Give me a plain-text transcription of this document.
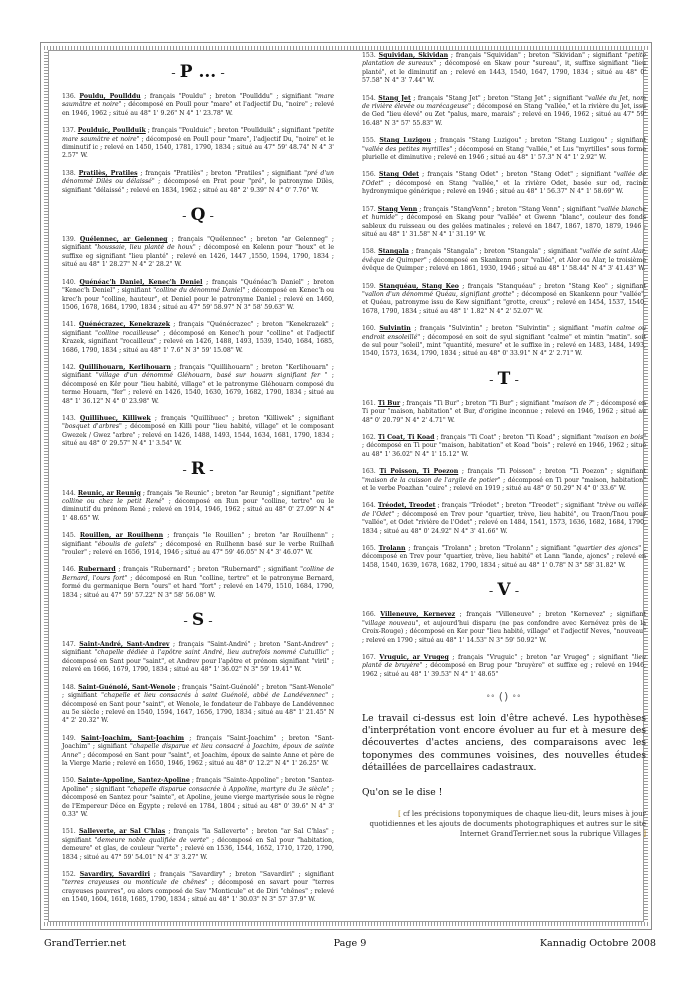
- P ... -

136. Pouldu, Poullddu ; français "Pouldu" ; breton "Poullddu" ; signifiant "mare saumâtre et noire" ; décomposé en Poull pour "mare" et l'adjectif Du, "noire" ; relevé en 1946, 1962 ; situé au 48° 1' 9.26" N 4° 1' 23.78" W.

137. Poulduic, Poullduik ; français "Poulduic" ; breton "Poullduik" ; signifiant "petite mare saumâtre et noire" ; décomposé en Poull pour "mare", l'adjectif Du, "noire" et le diminutif ic ; relevé en 1450, 1540, 1781, 1790, 1834 ; situé au 47° 59' 48.74" N 4° 3' 2.57" W.

138. Pratilès, Pratiles ; français "Pratilès" ; breton "Pratiles" ; signifiant "pré d'un dénommé Dilès ou délaissé" ; décomposé en Prat pour "pré", le patronyme Dilès, signifiant "délaissé" ; relevé en 1834, 1962 ; situé au 48° 2' 9.39" N 4° 0' 7.76" W.

- Q -

139. Quélennec, ar Gelenneg ; français "Quélennec" ; breton "ar Gelenneg" ; signifiant "houssaie, lieu planté de houx" ; décomposé en Kelenn pour "houx" et le suffixe eg signifiant "lieu planté" ; relevé en 1426, 1447 ,1550, 1594, 1790, 1834 ; situé au 48° 1' 28.27" N 4° 2' 28.2" W.

140. Quénéac'h Daniel, Kenec'h Deniel ; français "Quénéac'h Daniel" ; breton "Kenec'h Deniel" ; signifiant "colline du dénommé Daniel" ; décomposé en Kenec'h ou krec'h pour "colline, hauteur", et Deniel pour le patronyme Daniel ; relevé en 1460, 1506, 1678, 1684, 1790, 1834 ; situé au 47° 59' 58.97" N 3° 58' 59.63" W.

141. Quénécrazec, Kenekrazek ; français "Quénécrazec" ; breton "Kenekrazek" ; signifiant "colline rocailleuse" ; décomposé en Kenec'h pour "colline" et l'adjectif Krazek, signifiant "rocailleux" ; relevé en 1426, 1488, 1493, 1539, 1540, 1684, 1685, 1686, 1790, 1834 ; situé au 48° 1' 7.6" N 3° 59' 15.08" W.

142. Quillihouarn, Kerlihouarn ; français "Quillihouarn" ; breton "Kerlihouarn" ; signifiant "village d'un dénommé Gléhouarn, basé sur houarn signifiant fer " ; décomposé en Kêr pour "lieu habité, village" et le patronyme Gléhouarn composé du terme Houarn, "fer" ; relevé en 1426, 1540, 1630, 1679, 1682, 1790, 1834 ; situé au 48° 1' 36.12" N 4° 0' 23.98" W.

143. Quillihuec, Killiwek ; français "Quillihuec" ; breton "Killiwek" ; signifiant "bosquet d'arbres" ; décomposé en Killi pour "lieu habité, village" et le composant Gwezek / Gwez "arbre" ; relevé en 1426, 1488, 1493, 1544, 1634, 1681, 1790, 1834 ; situé au 48° 0' 29.57" N 4° 1' 3.54" W.

- R -

144. Reunic, ar Reunig ; français "le Reunic" ; breton "ar Reunig" ; signifiant "petite colline ou chez le petit René" ; décomposé en Run pour "colline, tertre" ou le diminutif du prénom René ; relevé en 1914, 1946, 1962 ; situé au 48° 0' 27.09" N 4° 1' 48.65" W.

145. Rouillen, ar Rouilhenn ; français "le Rouillen" ; breton "ar Rouilhenn" ; signifiant "éboulis de galets" ; décomposé en Ruilhenn basé sur le verbe Ruilhañ "rouler" ; relevé en 1656, 1914, 1946 ; situé au 47° 59' 46.05" N 4° 3' 46.07" W.

146. Rubernard ; français "Rubernard" ; breton "Rubernard" ; signifiant "colline de Bernard, l'ours fort" ; décomposé en Run "colline, tertre" et le patronyme Bernard, formé du germanique Bern "ours" et hard "fort" ; relevé en 1479, 1510, 1684, 1790, 1834 ; situé au 47° 59' 57.22" N 3° 58' 56.08" W.

- S -

147. Saint-André, Sant-Andrev ; français "Saint-André" ; breton "Sant-Andrev" ; signifiant "chapelle dédiée à l'apôtre saint André, lieu autrefois nommé Cutuillic" ; décomposé en Sant pour "saint", et Andrev pour l'apôtre et prénom signifiant "viril" ; relevé en 1666, 1679, 1790, 1834 ; situé au 48° 1' 36.02" N 3° 59' 19.41" W.

148. Saint-Guénolé, Sant-Wenole ; français "Saint-Guénolé" ; breton "Sant-Wenole" ; signifiant "chapelle et lieu consacrés à saint Guénolé, abbé de Landévennec" ; décomposé en Sant pour "saint", et Wenole, le fondateur de l'abbaye de Landévennec au 5e siècle ; relevé en 1540, 1594, 1647, 1656, 1790, 1834 ; situé au 48° 1' 21.45" N 4° 2' 20.32" W.

149. Saint-Joachim, Sant-Joachim ; français "Saint-Joachim" ; breton "Sant-Joachim" ; signifiant "chapelle disparue et lieu consacré à Joachim, époux de sainte Anne" ; décomposé en Sant pour "saint", et Joachim, époux de sainte Anne et père de la Vierge Marie ; relevé en 1650, 1946, 1962 ; situé au 48° 0' 12.2" N 4° 1' 26.25" W.

150. Sainte-Appoline, Santez-Apoline ; français "Sainte-Appoline" ; breton "Santez-Apoline" ; signifiant "chapelle disparue consacrée à Appoline, martyre du 3e siècle" ; décomposé en Santez pour "sainte", et Apoline, jeune vierge martyrisée sous le règne de l'Empereur Déce en Égypte ; relevé en 1784, 1804 ; situé au 48° 0' 39.6" N 4° 3' 0.33" W.

151. Salleverte, ar Sal C'hlas ; français "la Salleverte" ; breton "ar Sal C'hlas" ; signifiant "demeure noble qualifiée de verte" ; décomposé en Sal pour "habitation, demeure" et glas, de couleur "verte" ; relevé en 1536, 1544, 1652, 1710, 1720, 1790, 1834 ; situé au 47° 59' 54.01" N 4° 3' 3.27" W.

152. Savardiry, Savardiri ; français "Savardiry" ; breton "Savardiri" ; signifiant "terres crayeuses ou monticule de chênes" ; décomposé en savart pour "terres crayeuses pauvres", ou alors composé de Sav "Monticule" et de Diri "chênes" ; relevé en 1540, 1604, 1618, 1685, 1790, 1834 ; situé au 48° 1' 30.03" N 3° 57' 37.9" W.

153. Squividan, Skividan ; français "Squividan" ; breton "Skividan" ; signifiant "petite plantation de sureaux" ; décomposé en Skaw pour "sureau", it, suffixe signifiant "lieu planté", et le diminutif an ; relevé en 1443, 1540, 1647, 1790, 1834 ; situé au 48° 0' 57.58" N 4° 3' 7.44" W.

154. Stang Jet ; français "Stang Jet" ; breton "Stang Jet" ; signifiant "vallée du Jet, nom de rivière élevée ou marécageuse" ; décomposé en Stang "vallée," et la rivière du Jet, issu de Ged "lieu élevé" ou Zet "palus, mare, marais" ; relevé en 1946, 1962 ; situé au 47° 59' 16.48" N 3° 57' 55.83" W.

155. Stang Luzigou ; français "Stang Luzigou" ; breton "Stang Luzigou" ; signifiant "vallée des petites myrtilles" ; décomposé en Stang "vallée," et Lus "myrtilles" sous forme plurielle et diminutive ; relevé en 1946 ; situé au 48° 1' 57.3" N 4° 1' 2.92" W.

156. Stang Odet ; français "Stang Odet" ; breton "Stang Odet" ; signifiant "vallée de l'Odet" ; décomposé en Stang "vallée," et la rivière Odet, basée sur od, racine hydronymique générique ; relevé en 1946 ; situé au 48° 1' 56.37" N 4° 1' 58.69" W.

157. Stang Venn ; français "StangVenn" ; breton "Stang Venn" ; signifiant "vallée blanche et humide" ; décomposé en Skang pour "vallée" et Gwenn "blanc", couleur des fonds sableux du ruisseau ou des gelées matinales ; relevé en 1847, 1867, 1870, 1879, 1946 ; situé au 48° 1' 31.58" N 4° 1' 31.19" W.

158. Stangala ; français "Stangala" ; breton "Stangala" ; signifiant "vallée de saint Alar, évêque de Quimper" ; décomposé en Skankenn pour "vallée", et Alor ou Alar, le troisième évêque de Quimper ; relevé en 1861, 1930, 1946 ; situé au 48° 1' 58.44" N 4° 3' 41.43" W.

159. Stanquéau, Stang Keo ; français "Stanquéau" ; breton "Stang Keo" ; signifiant "vallon d'un dénommé Quéau, signifiant grotte" ; décomposé en Skankenn pour "vallée", et Quéau, patronyme issu de Kew signifiant "grotte, creux" ; relevé en 1454, 1537, 1540, 1678, 1790, 1834 ; situé au 48° 1' 1.82" N 4° 2' 52.07" W.

160. Sulvintin ; français "Sulvintin" ; breton "Sulvintin" ; signifiant "matin calme ou endroit ensoleillé" ; décomposé en soit de syul signifiant "calme" et mintin "matin". soit de sul pour "soleil", mint "quantité, mesure" et le suffixe in ; relevé en 1483, 1484, 1493, 1540, 1573, 1634, 1790, 1834 ; situé au 48° 0' 33.91" N 4° 2' 2.71" W.

- T -

161. Ti Bur ; français "Ti Bur" ; breton "Ti Bur" ; signifiant "maison de ?" ; décomposé en Ti pour "maison, habitation" et Bur, d'origine inconnue ; relevé en 1946, 1962 ; situé au 48° 0' 20.79" N 4° 2' 4.71" W.

162. Ti Coat, Ti Koad ; français "Ti Coat" ; breton "Ti Koad" ; signifiant "maison en bois" ; décomposé en Ti pour "maison, habitation" et Koad "bois" ; relevé en 1946, 1962 ; situé au 48° 1' 36.02" N 4° 1' 15.12" W.

163. Ti Poisson, Ti Poezon ; français "Ti Poisson" ; breton "Ti Poezon" ; signifiant "maison de la cuisson de l'argile de potier" ; décomposé en Ti pour "maison, habitation" et le verbe Poazhan "cuire" ; relevé en 1919 ; situé au 48° 0' 50.29" N 4° 0' 33.6" W.

164. Tréodet, Treodet ; français "Tréodet" ; breton "Treodet" ; signifiant "trève ou vallée de l'Odet" ; décomposé en Trev pour "quartier, trève, lieu habité", ou Traon/Tnou pour "vallée", et Odet "rivière de l'Odet" ; relevé en 1484, 1541, 1573, 1636, 1682, 1684, 1790, 1834 ; situé au 48° 0' 24.92" N 4° 3' 41.66" W.

165. Trolann ; français "Trolann" ; breton "Trolann" ; signifiant "quartier des ajoncs" ; décomposé en Trev pour "quartier, trève, lieu habité" et Lann "lande, ajoncs" ; relevé en 1458, 1540, 1639, 1678, 1682, 1790, 1834 ; situé au 48° 1' 0.78" N 3° 58' 31.82" W.

- V -

166. Villeneuve, Kernevez ; français "Villeneuve" ; breton "Kernevez" ; signifiant "village nouveau", et aujourd'hui disparu (ne pas confondre avec Kernévez près de la Croix-Rouge) ; décomposé en Ker pour "lieu habité, village" et l'adjectif Neves, "nouveau" ; relevé en 1790 ; situé au 48° 1' 14.53" N 3° 59' 50.92" W.

167. Vruguic, ar Vrugeg ; français "Vruguic" ; breton "ar Vrugeg" ; signifiant "lieu planté de bruyère" ; décomposé en Brug pour "bruyère" et suffixe eg ; relevé en 1946, 1962 ; situé au 48° 1' 39.53" N 4° 1' 48.65"

°° () °°

Le travail ci-dessus est loin d'être achevé. Les hypothèses d'interprétation vont encore évoluer au fur et à mesure des découvertes d'actes anciens, des comparaisons avec les toponymes des communes voisines, des nouvelles études détaillées de parcellaires cadastraux.

Qu'on se le dise !

[ cf les précisions toponymiques de chaque lieu-dit, leurs mises à jour quotidiennes et les ajouts de documents photographiques et autres sur le site Internet GrandTerrier.net sous la rubrique Villages ]

GrandTerrier.net	Page 9	Kannadig Octobre 2008
